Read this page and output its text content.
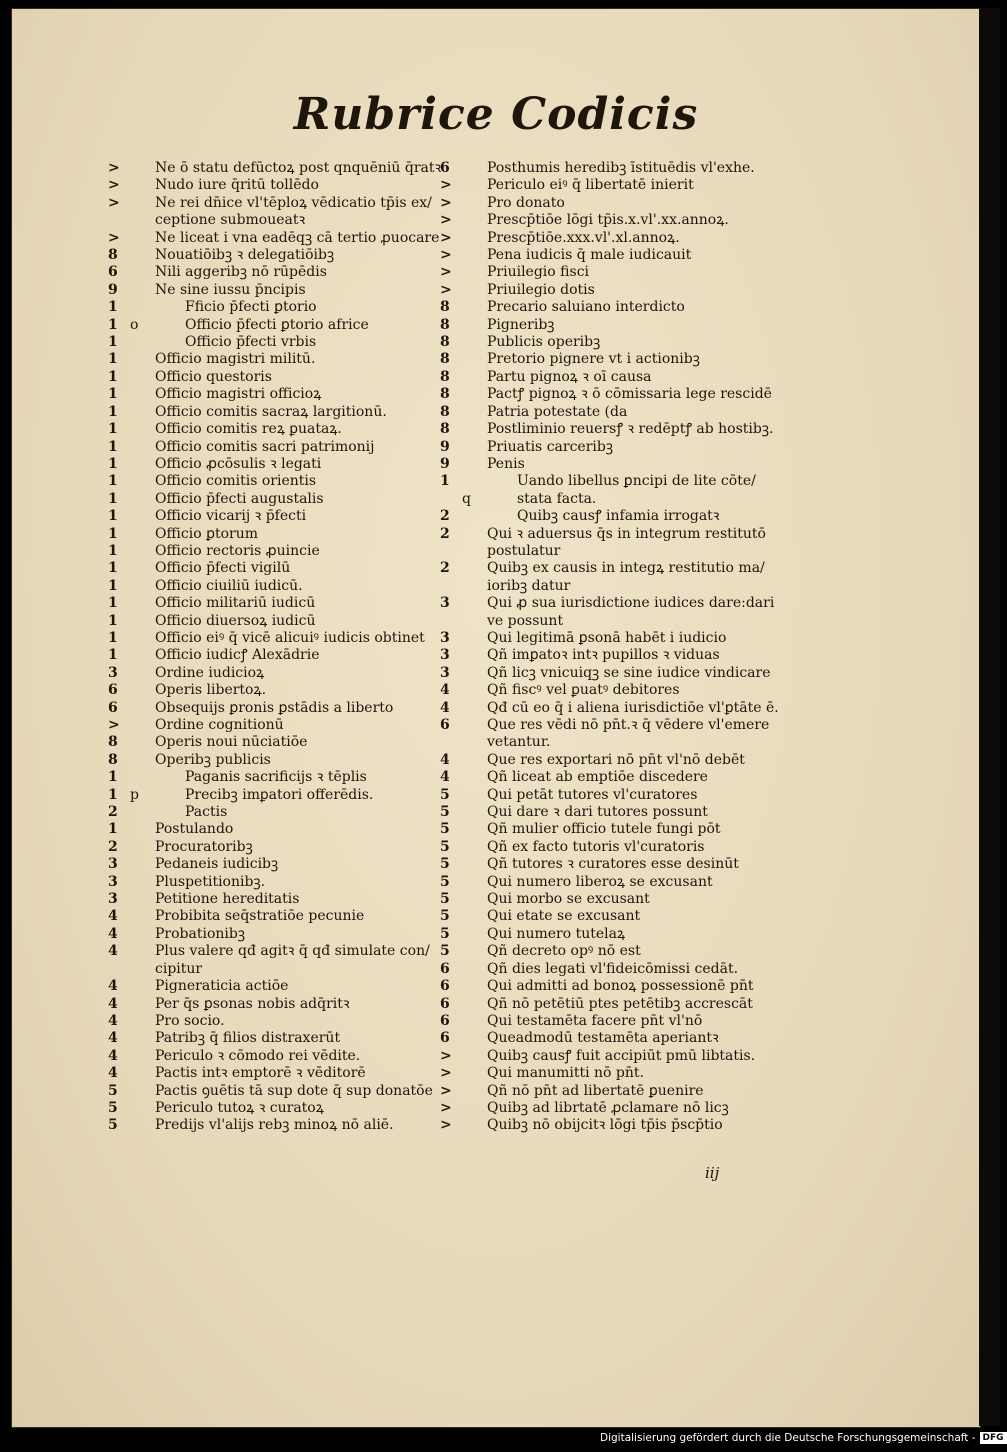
Rubrice Codicis
>	Ne ō statu defūctoꝝ post qnquēniū q̄ratꝛ
>	Nudo iure q̄ritū tollēdo
>	Ne rei dn̄ice vl'tēploꝝ vēdicatio tp̄is ex/
ceptione submoueatꝛ
>	Ne liceat i vna eadēqꝫ cā tertio ꝓuocare
8	Nouatiōibꝫ ꝛ delegatiōibꝫ
6	Nili aggeribꝫ nō rūpēdis
9	Ne sine iussu p̄ncipis
1	Fficio p̄fecti ꝑtorio
1 o	Officio p̄fecti ꝑtorio africe
1	Officio p̄fecti vrbis
1	Officio magistri militū.
1	Officio questoris
1	Officio magistri officioꝝ
1	Officio comitis sacraꝝ largitionū.
1	Officio comitis reꝝ ꝑuataꝝ.
1	Officio comitis sacri patrimonij
1	Officio ꝓcōsulis ꝛ legati
1	Officio comitis orientis
1	Officio p̄fecti augustalis
1	Officio vicarij ꝛ p̄fecti
1	Officio ꝑtorum
1	Officio rectoris ꝓuincie
1	Officio p̄fecti vigilū
1	Officio ciuiliū iudicū.
1	Officio militariū iudicū
1	Officio diuersoꝝ iudicū
1	Officio eiꝰ q̄ vicē alicuiꝰ iudicis obtinet
1	Officio iudicꝭ Alexādrie
3	Ordine iudicioꝝ
6	Operis libertoꝝ.
6	Obsequijs ꝑronis ꝑstādis a liberto
>	Ordine cognitionū
8	Operis noui nūciatiōe
8	Operibꝫ publicis
1	Paganis sacrificijs ꝛ tēplis
1 p	Precibꝫ imꝑatori offerēdis.
2	Pactis
1	Postulando
2	Procuratoribꝫ
3	Pedaneis iudicibꝫ
3	Pluspetitionibꝫ.
3	Petitione hereditatis
4	Probibita seq̄stratiōe pecunie
4	Probationibꝫ
4	Plus valere qđ agitꝛ q̄ qđ simulate con/
cipitur
4	Pigneraticia actiōe
4	Per q̄s ꝑsonas nobis adq̄ritꝛ
4	Pro socio.
4	Patribꝫ q̄ filios distraxerūt
4	Periculo ꝛ cōmodo rei vēdite.
4	Pactis intꝛ emptorē ꝛ vēditorē
5	Pactis ꝯuētis tā sup dote q̄ sup donatōe
5	Periculo tutoꝝ ꝛ curatoꝝ
5	Predijs vl'alijs rebꝫ minoꝝ nō aliē.
6	Posthumis heredibꝫ īstituēdis vl'exhe.
>	Periculo eiꝰ q̄ libertatē inierit
>	Pro donato
>	Prescp̄tiōe lōgi tp̄is.x.vl'.xx.annoꝝ.
>	Prescp̄tiōe.xxx.vl'.xl.annoꝝ.
>	Pena iudicis q̄ male iudicauit
>	Priuilegio fisci
>	Priuilegio dotis
8	Precario saluiano interdicto
8	Pigneribꝫ
8	Publicis operibꝫ
8	Pretorio pignere vt i actionibꝫ
8	Partu pignoꝝ ꝛ oī causa
8	Pactꝭ pignoꝝ ꝛ ō cōmissaria lege rescidē
8	Patria potestate (da
8	Postliminio reuersꝭ ꝛ redēptꝭ ab hostibꝫ.
9	Priuatis carceribꝫ
9	Penis
1	Uando libellus ꝑncipi de lite cōte/
q	stata facta.
2	Quibꝫ causꝭ infamia irrogatꝛ
2	Qui ꝛ aduersus q̄s in integrum restitutō
postulatur
2	Quibꝫ ex causis in integꝝ restitutio ma/
ioribꝫ datur
3	Qui ꝓ sua iurisdictione iudices dare:dari
ve possunt
3	Qui legitimā ꝑsonā habēt i iudicio
3	Qñ imꝑatoꝛ intꝛ pupillos ꝛ viduas
3	Qñ licꝫ vnicuiqꝫ se sine iudice vindicare
4	Qñ fiscꝰ vel ꝑuatꝰ debitores
4	Qđ cū eo q̄ i aliena iurisdictiōe vl'ꝑtāte ē.
6	Que res vēdi nō pn̄t.ꝛ q̄ vēdere vl'emere
vetantur.
4	Que res exportari nō pn̄t vl'nō debēt
4	Qñ liceat ab emptiōe discedere
5	Qui petāt tutores vl'curatores
5	Qui dare ꝛ dari tutores possunt
5	Qñ mulier officio tutele fungi pōt
5	Qñ ex facto tutoris vl'curatoris
5	Qñ tutores ꝛ curatores esse desinūt
5	Qui numero liberoꝝ se excusant
5	Qui morbo se excusant
5	Qui etate se excusant
5	Qui numero tutelaꝝ
5	Qñ decreto opꝰ nō est
6	Qñ dies legati vl'fideicōmissi cedāt.
6	Qui admitti ad bonoꝝ possessionē pn̄t
6	Qñ nō petētiū ptes petētibꝫ accrescāt
6	Qui testamēta facere pn̄t vl'nō
6	Queadmodū testamēta aperiantꝛ
>	Quibꝫ causꝭ fuit accipiūt pmū libtatis.
>	Qui manumitti nō pn̄t.
>	Qñ nō pn̄t ad libertatē ꝑuenire
>	Quibꝫ ad librtatē ꝓclamare nō licꝫ
>	Quibꝫ nō obijcitꝛ lōgi tp̄is p̄scp̄tio
iij
Digitalisierung gefördert durch die Deutsche Forschungsgemeinschaft - DFG
